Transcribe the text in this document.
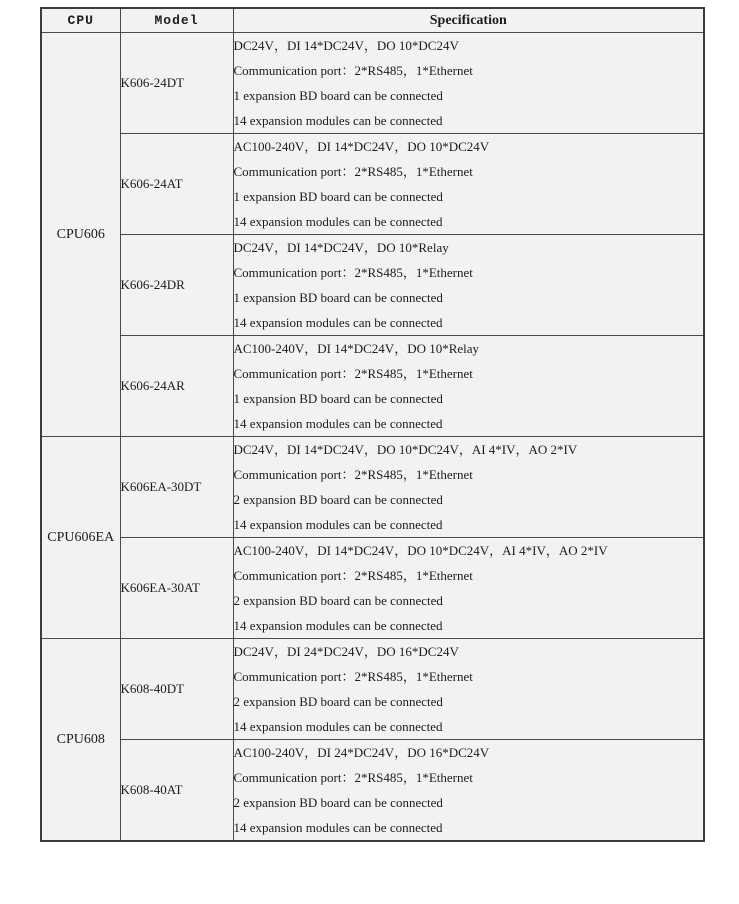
CPU	Model	Specification
CPU606	K606-24DT	DC24V，DI 14*DC24V，DO 10*DC24V
Communication port：2*RS485，1*Ethernet
1 expansion BD board can be connected
14 expansion modules can be connected

	K606-24AT	AC100-240V，DI 14*DC24V，DO 10*DC24V
Communication port：2*RS485，1*Ethernet
1 expansion BD board can be connected
14 expansion modules can be connected

	K606-24DR	DC24V，DI 14*DC24V，DO 10*Relay
Communication port：2*RS485，1*Ethernet
1 expansion BD board can be connected
14 expansion modules can be connected

	K606-24AR	AC100-240V，DI 14*DC24V，DO 10*Relay
Communication port：2*RS485，1*Ethernet
1 expansion BD board can be connected
14 expansion modules can be connected

CPU606EA	K606EA-30DT	DC24V，DI 14*DC24V，DO 10*DC24V，AI 4*IV，AO 2*IV
Communication port：2*RS485，1*Ethernet
2 expansion BD board can be connected
14 expansion modules can be connected

	K606EA-30AT	AC100-240V，DI 14*DC24V，DO 10*DC24V，AI 4*IV，AO 2*IV
Communication port：2*RS485，1*Ethernet
2 expansion BD board can be connected
14 expansion modules can be connected

CPU608	K608-40DT	DC24V，DI 24*DC24V，DO 16*DC24V
Communication port：2*RS485，1*Ethernet
2 expansion BD board can be connected
14 expansion modules can be connected

	K608-40AT	AC100-240V，DI 24*DC24V，DO 16*DC24V
Communication port：2*RS485，1*Ethernet
2 expansion BD board can be connected
14 expansion modules can be connected
